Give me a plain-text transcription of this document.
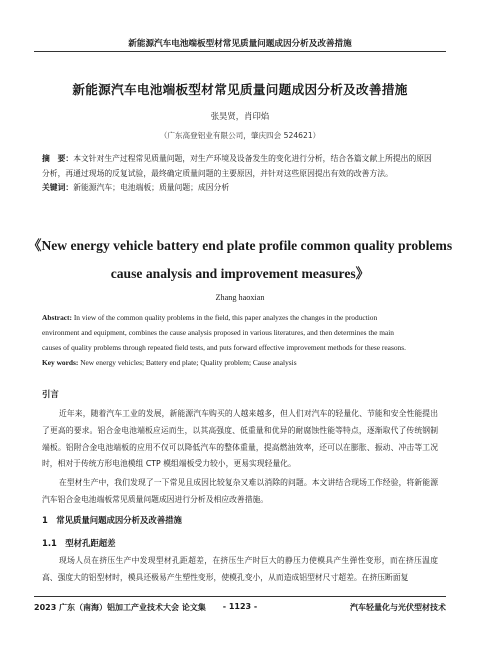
新能源汽车电池端板型材常见质量问题成因分析及改善措施
新能源汽车电池端板型材常见质量问题成因分析及改善措施
张昊贤，肖印焰
（广东高登铝业有限公司，肇庆四会 524621）
摘　要：本文针对生产过程常见质量问题，对生产环境及设备发生的变化进行分析，结合各篇文献上所提出的原因
分析，再通过现场的反复试验，最终确定质量问题的主要原因，并针对这些原因提出有效的改善方法。
关键词：新能源汽车；电池端板；质量问题；成因分析
《New energy vehicle battery end plate profile common quality problems
cause analysis and improvement measures》
Zhang haoxian
Abstract: In view of the common quality problems in the field, this paper analyzes the changes in the production
environment and equipment, combines the cause analysis proposed in various literatures, and then determines the main
causes of quality problems through repeated field tests, and puts forward effective improvement methods for these reasons.
Key words: New energy vehicles; Battery end plate; Quality problem; Cause analysis
引言
近年来，随着汽车工业的发展，新能源汽车购买的人越来越多，但人们对汽车的轻量化、节能和安全性能提出了更高的要求。铝合金电池端板应运而生，以其高强度、低重量和优异的耐腐蚀性能等特点，逐渐取代了传统钢制端板。铝附合金电池端板的应用不仅可以降低汽车的整体重量，提高燃油效率，还可以在膨胀、振动、冲击等工况时，相对于传统方形电池模组 CTP 模组端板受力较小，更易实现轻量化。
在型材生产中，我们发现了一下常见且成因比较复杂又难以消除的问题。本文讲结合现场工作经验，将新能源汽车铝合金电池端板常见质量问题成因进行分析及相应改善措施。
1　常见质量问题成因分析及改善措施
1.1　型材孔距超差
现场人员在挤压生产中发现型材孔距超差，在挤压生产时巨大的静压力使模具产生弹性变形，而在挤压温度高、强度大的铝型材时，模具还极易产生塑性变形，使模孔变小，从而造成铝型材尺寸超差。在挤压断面复
2023 广东（南海）铝加工产业技术大会 论文集	- 1123 -	汽车轻量化与光伏型材技术
